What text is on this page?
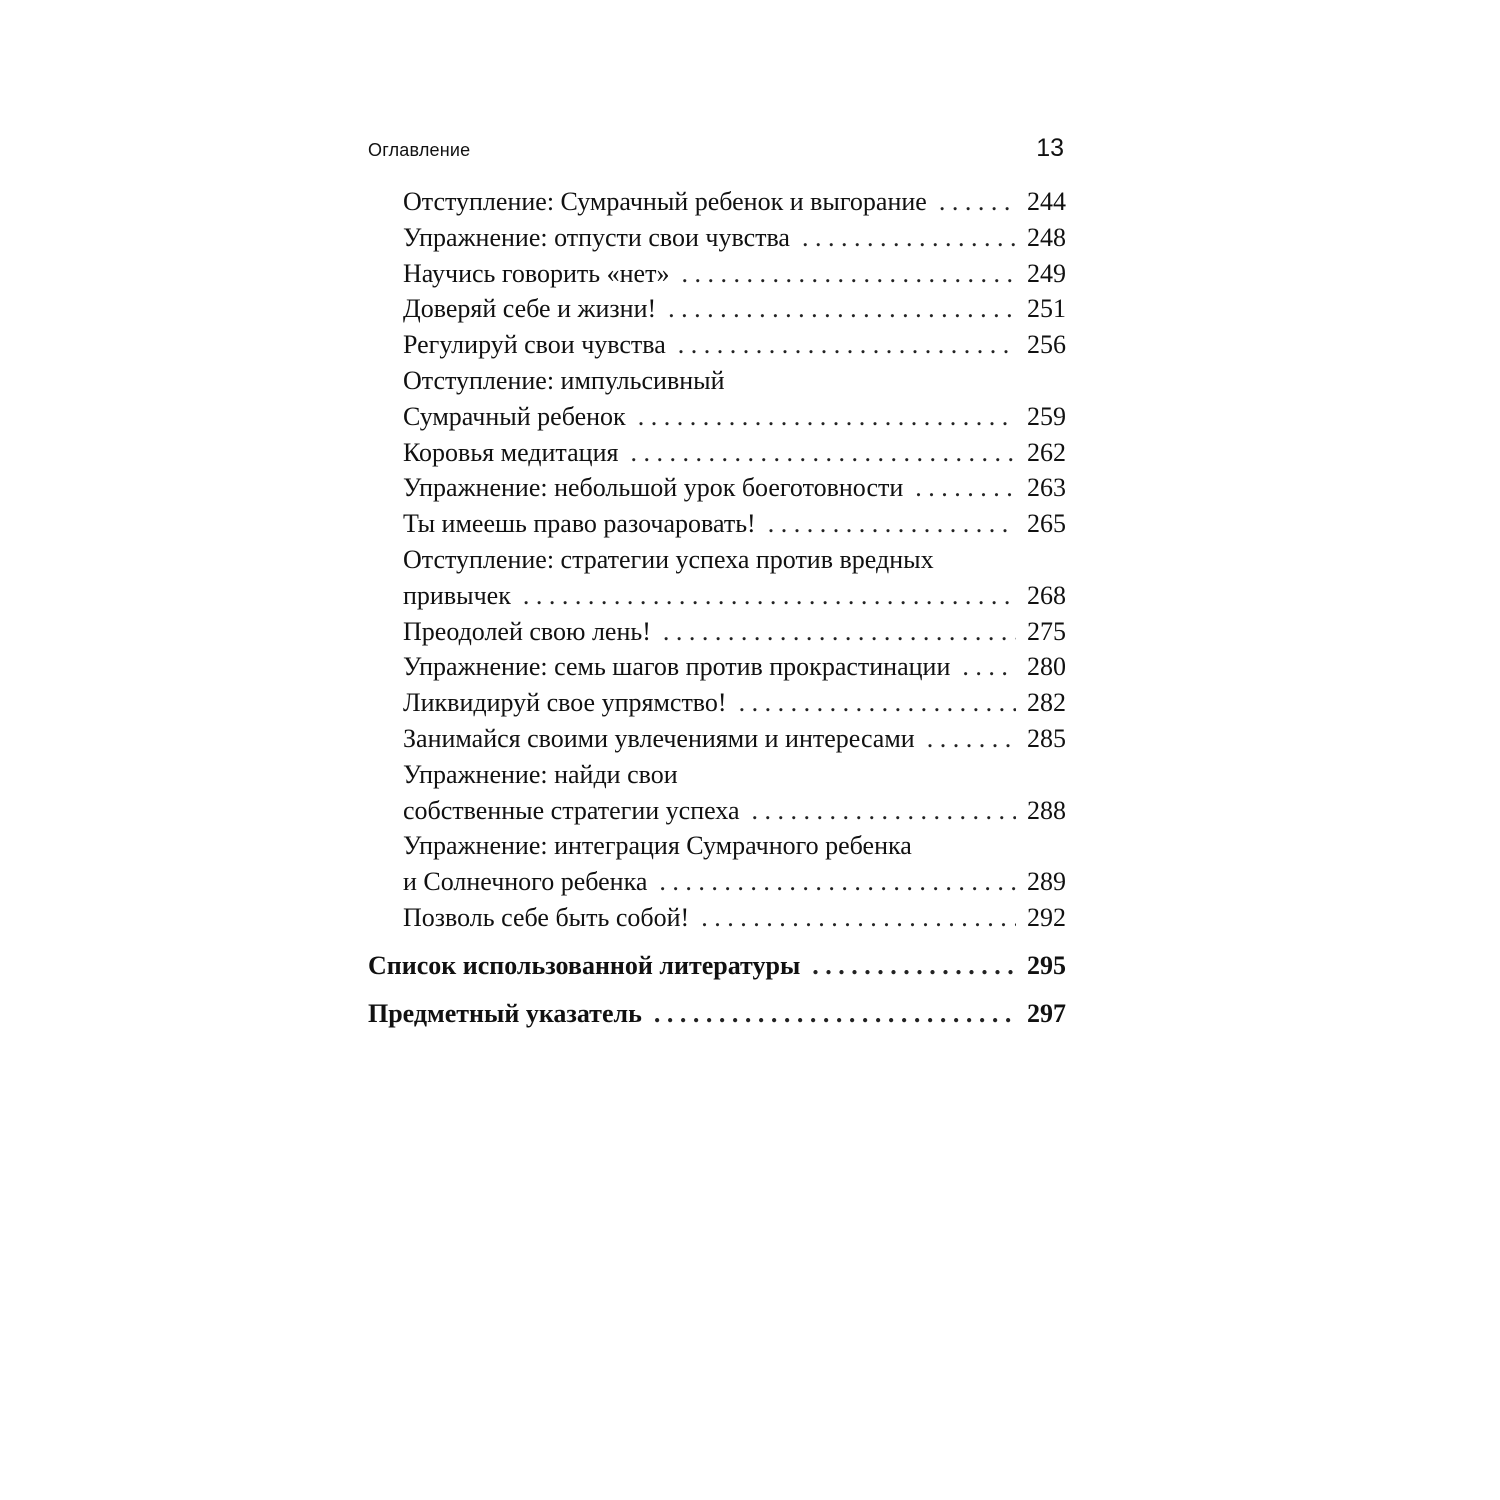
Оглавление	13
Отступление: Сумрачный ребенок и выгорание . . .	244
Упражнение: отпусти свои чувства . . .	248
Научись говорить «нет» . . .	249
Доверяй себе и жизни! . . .	251
Регулируй свои чувства . . .	256
Отступление: импульсивный
Сумрачный ребенок . . .	259
Коровья медитация . . .	262
Упражнение: небольшой урок боеготовности . . .	263
Ты имеешь право разочаровать! . . .	265
Отступление: стратегии успеха против вредных
привычек . . .	268
Преодолей свою лень! . . .	275
Упражнение: семь шагов против прокрастинации . . .	280
Ликвидируй свое упрямство! . . .	282
Занимайся своими увлечениями и интересами . . .	285
Упражнение: найди свои
собственные стратегии успеха . . .	288
Упражнение: интеграция Сумрачного ребенка
и Солнечного ребенка . . .	289
Позволь себе быть собой! . . .	292
Список использованной литературы . . .	295
Предметный указатель . . .	297
